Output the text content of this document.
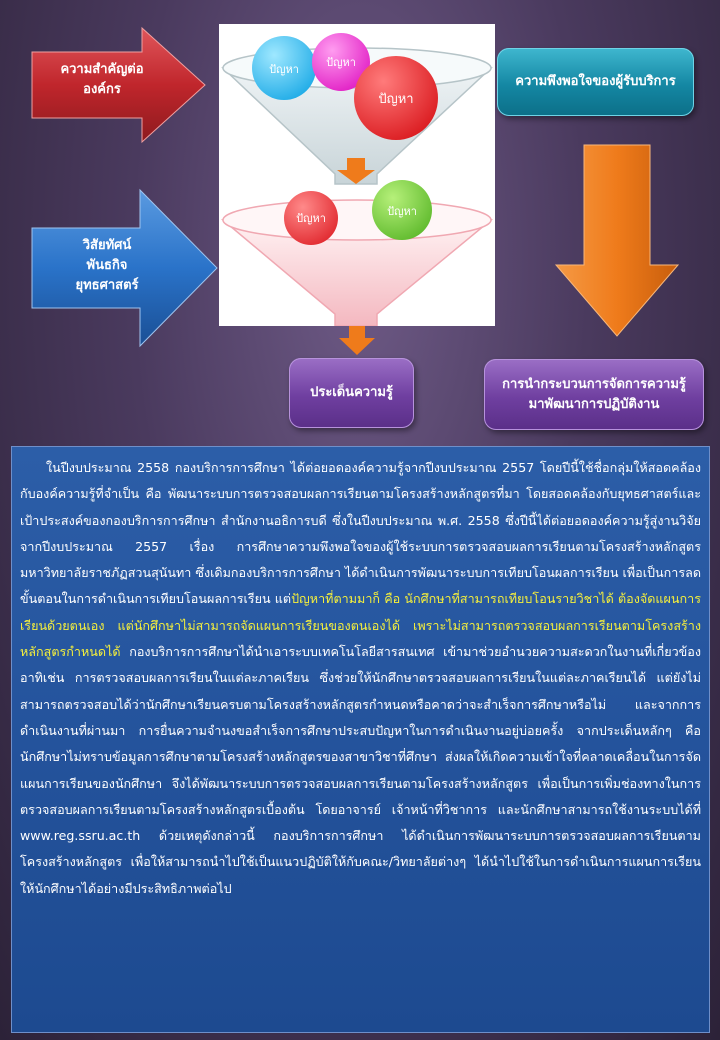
ความสำคัญต่อ
องค์กร
วิสัยทัศน์
พันธกิจ
ยุทธศาสตร์
ปัญหา
ปัญหา
ปัญหา
ปัญหา
ปัญหา
ความพึงพอใจของผู้รับบริการ
ประเด็นความรู้
การนำกระบวนการจัดการความรู้
มาพัฒนาการปฏิบัติงาน

ในปีงบประมาณ 2558 กองบริการการศึกษา ได้ต่อยอดองค์ความรู้จากปีงบประมาณ 2557 โดยปีนี้ใช้ชื่อกลุ่มให้สอดคล้องกับองค์ความรู้ที่จำเป็น คือ พัฒนาระบบการตรวจสอบผลการเรียนตามโครงสร้างหลักสูตรที่มา โดยสอดคล้องกับยุทธศาสตร์และเป้าประสงค์ของกองบริการการศึกษา สำนักงานอธิการบดี ซึ่งในปีงบประมาณ พ.ศ. 2558 ซึ่งปีนี้ได้ต่อยอดองค์ความรู้สู่งานวิจัยจากปีงบประมาณ 2557 เรื่อง การศึกษาความพึงพอใจของผู้ใช้ระบบการตรวจสอบผลการเรียนตามโครงสร้างหลักสูตร มหาวิทยาลัยราชภัฏสวนสุนันทา ซึ่งเดิมกองบริการการศึกษา ได้ดำเนินการพัฒนาระบบการเทียบโอนผลการเรียน เพื่อเป็นการลดขั้นตอนในการดำเนินการเทียบโอนผลการเรียน แต่ปัญหาที่ตามมาก็ คือ นักศึกษาที่สามารถเทียบโอนรายวิชาได้ ต้องจัดแผนการเรียนด้วยตนเอง แต่นักศึกษาไม่สามารถจัดแผนการเรียนของตนเองได้ เพราะไม่สามารถตรวจสอบผลการเรียนตามโครงสร้างหลักสูตรกำหนดได้ กองบริการการศึกษาได้นำเอาระบบเทคโนโลยีสารสนเทศ เข้ามาช่วยอำนวยความสะดวกในงานที่เกี่ยวข้อง อาทิเช่น การตรวจสอบผลการเรียนในแต่ละภาคเรียน ซึ่งช่วยให้นักศึกษาตรวจสอบผลการเรียนในแต่ละภาคเรียนได้ แต่ยังไม่สามารถตรวจสอบได้ว่านักศึกษาเรียนครบตามโครงสร้างหลักสูตรกำหนดหรือคาดว่าจะสำเร็จการศึกษาหรือไม่ และจากการดำเนินงานที่ผ่านมา การยื่นความจำนงขอสำเร็จการศึกษาประสบปัญหาในการดำเนินงานอยู่บ่อยครั้ง จากประเด็นหลักๆ คือ นักศึกษาไม่ทราบข้อมูลการศึกษาตามโครงสร้างหลักสูตรของสาขาวิชาที่ศึกษา ส่งผลให้เกิดความเข้าใจที่คลาดเคลื่อนในการจัดแผนการเรียนของนักศึกษา จึงได้พัฒนาระบบการตรวจสอบผลการเรียนตามโครงสร้างหลักสูตร เพื่อเป็นการเพิ่มช่องทางในการตรวจสอบผลการเรียนตามโครงสร้างหลักสูตรเบื้องต้น โดยอาจารย์ เจ้าหน้าที่วิชาการ และนักศึกษาสามารถใช้งานระบบได้ที่ www.reg.ssru.ac.th ด้วยเหตุดังกล่าวนี้ กองบริการการศึกษา ได้ดำเนินการพัฒนาระบบการตรวจสอบผลการเรียนตามโครงสร้างหลักสูตร เพื่อให้สามารถนำไปใช้เป็นแนวปฏิบัติให้กับคณะ/วิทยาลัยต่างๆ ได้นำไปใช้ในการดำเนินการแผนการเรียนให้นักศึกษาได้อย่างมีประสิทธิภาพต่อไป
